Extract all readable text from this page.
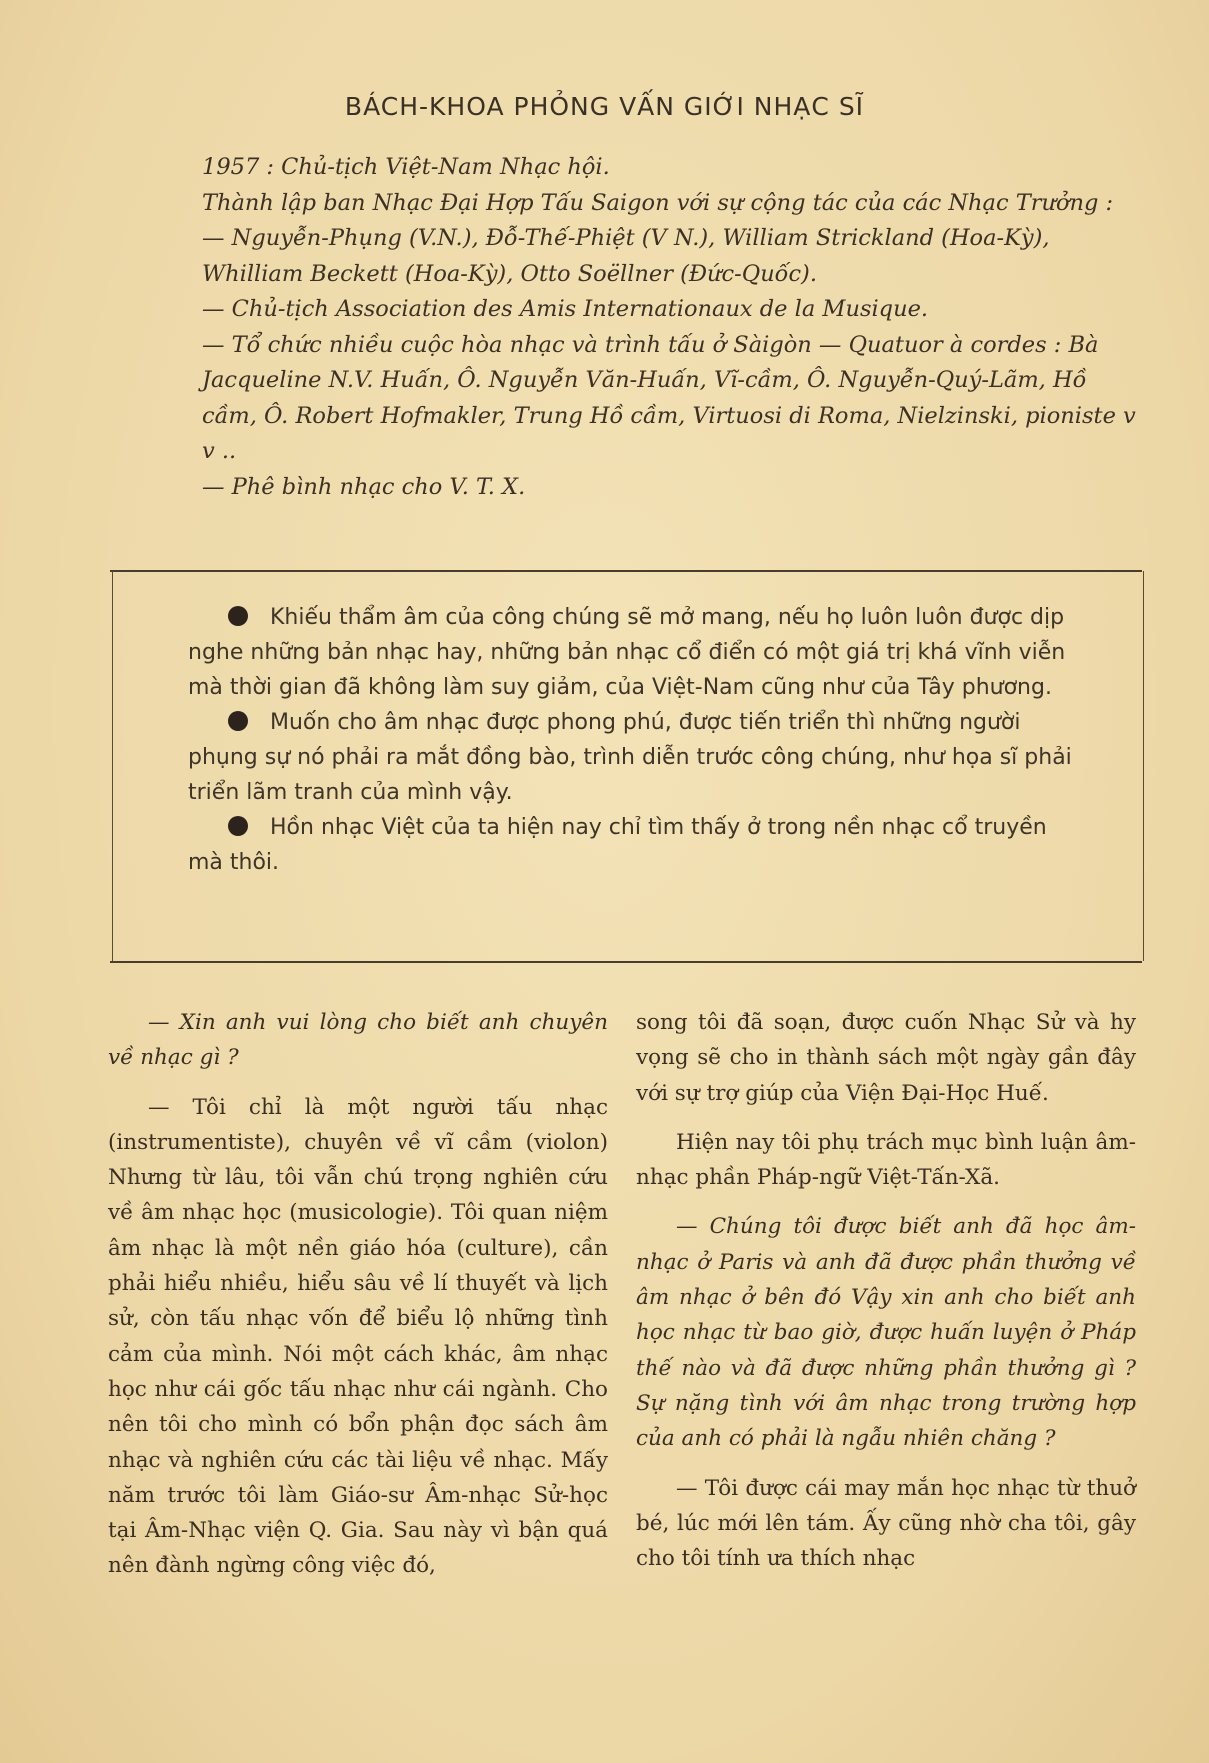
BÁCH-KHOA PHỎNG VẤN GIỚI NHẠC SĨ

1957 : Chủ-tịch Việt-Nam Nhạc hội.

Thành lập ban Nhạc Đại Hợp Tấu Saigon với sự cộng tác của các Nhạc Trưởng :

— Nguyễn-Phụng (V.N.), Đỗ-Thế-Phiệt (V N.), William Strickland (Hoa-Kỳ), Whilliam Beckett (Hoa-Kỳ), Otto Soëllner (Đức-Quốc).

— Chủ-tịch Association des Amis Internationaux de la Musique.

— Tổ chức nhiều cuộc hòa nhạc và trình tấu ở Sàigòn — Quatuor à cordes : Bà Jacqueline N.V. Huấn, Ô. Nguyễn Văn-Huấn, Vĩ-cầm, Ô. Nguyễn-Quý-Lãm, Hồ cầm, Ô. Robert Hofmakler, Trung Hồ cầm, Virtuosi di Roma, Nielzinski, pioniste v v ..

— Phê bình nhạc cho V. T. X.

Khiếu thẩm âm của công chúng sẽ mở mang, nếu họ luôn luôn được dịp nghe những bản nhạc hay, những bản nhạc cổ điển có một giá trị khá vĩnh viễn mà thời gian đã không làm suy giảm, của Việt-Nam cũng như của Tây phương.

Muốn cho âm nhạc được phong phú, được tiến triển thì những người phụng sự nó phải ra mắt đồng bào, trình diễn trước công chúng, như họa sĩ phải triển lãm tranh của mình vậy.

Hồn nhạc Việt của ta hiện nay chỉ tìm thấy ở trong nền nhạc cổ truyền mà thôi.

— Xin anh vui lòng cho biết anh chuyên về nhạc gì ?

— Tôi chỉ là một người tấu nhạc (instrumentiste), chuyên về vĩ cầm (violon) Nhưng từ lâu, tôi vẫn chú trọng nghiên cứu về âm nhạc học (musicologie). Tôi quan niệm âm nhạc là một nền giáo hóa (culture), cần phải hiểu nhiều, hiểu sâu về lí thuyết và lịch sử, còn tấu nhạc vốn để biểu lộ những tình cảm của mình. Nói một cách khác, âm nhạc học như cái gốc tấu nhạc như cái ngành. Cho nên tôi cho mình có bổn phận đọc sách âm nhạc và nghiên cứu các tài liệu về nhạc. Mấy năm trước tôi làm Giáo-sư Âm-nhạc Sử-học tại Âm-Nhạc viện Q. Gia. Sau này vì bận quá nên đành ngừng công việc đó,

song tôi đã soạn, được cuốn Nhạc Sử và hy vọng sẽ cho in thành sách một ngày gần đây với sự trợ giúp của Viện Đại-Học Huế.

Hiện nay tôi phụ trách mục bình luận âm-nhạc phần Pháp-ngữ Việt-Tấn-Xã.

— Chúng tôi được biết anh đã học âm-nhạc ở Paris và anh đã được phần thưởng về âm nhạc ở bên đó Vậy xin anh cho biết anh học nhạc từ bao giờ, được huấn luyện ở Pháp thế nào và đã được những phần thưởng gì ? Sự nặng tình với âm nhạc trong trường hợp của anh có phải là ngẫu nhiên chăng ?

— Tôi được cái may mắn học nhạc từ thuở bé, lúc mới lên tám. Ấy cũng nhờ cha tôi, gây cho tôi tính ưa thích nhạc
